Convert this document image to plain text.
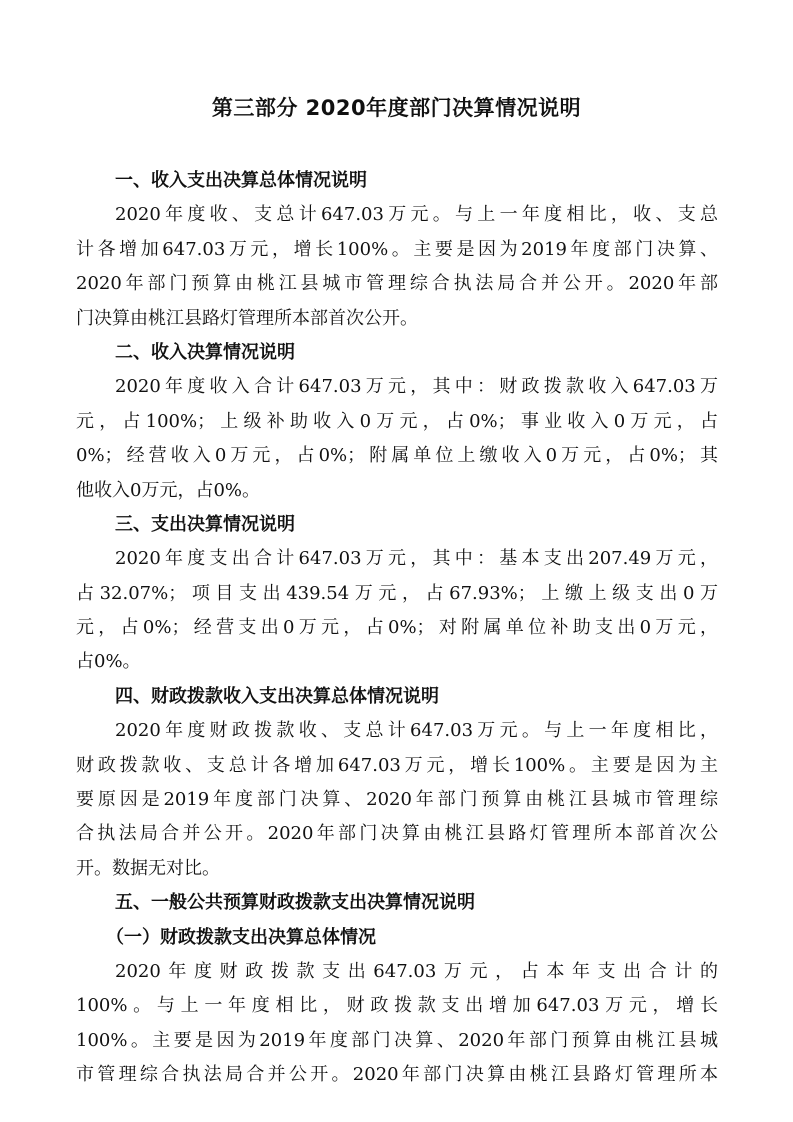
第三部分 2020年度部门决算情况说明
一、收入支出决算总体情况说明
2020年度收、支总计647.03万元。与上一年度相比，收、支总
计各增加647.03万元，增长100%。主要是因为2019年度部门决算、
2020年部门预算由桃江县城市管理综合执法局合并公开。2020年部
门决算由桃江县路灯管理所本部首次公开。
二、收入决算情况说明
2020年度收入合计647.03万元，其中：财政拨款收入647.03万
元，占100%；上级补助收入0万元，占0%；事业收入0万元，占
0%；经营收入0万元，占0%；附属单位上缴收入0万元，占0%；其
他收入0万元，占0%。
三、支出决算情况说明
2020年度支出合计647.03万元，其中：基本支出207.49万元，
占32.07%；项目支出439.54万元，占67.93%；上缴上级支出0万
元，占0%；经营支出0万元，占0%；对附属单位补助支出0万元，
占0%。
四、财政拨款收入支出决算总体情况说明
2020年度财政拨款收、支总计647.03万元。与上一年度相比，
财政拨款收、支总计各增加647.03万元，增长100%。主要是因为主
要原因是2019年度部门决算、2020年部门预算由桃江县城市管理综
合执法局合并公开。2020年部门决算由桃江县路灯管理所本部首次公
开。数据无对比。
五、一般公共预算财政拨款支出决算情况说明
（一）财政拨款支出决算总体情况
2020年度财政拨款支出647.03万元，占本年支出合计的
100%。与上一年度相比，财政拨款支出增加647.03万元，增长
100%。主要是因为2019年度部门决算、2020年部门预算由桃江县城
市管理综合执法局合并公开。2020年部门决算由桃江县路灯管理所本
